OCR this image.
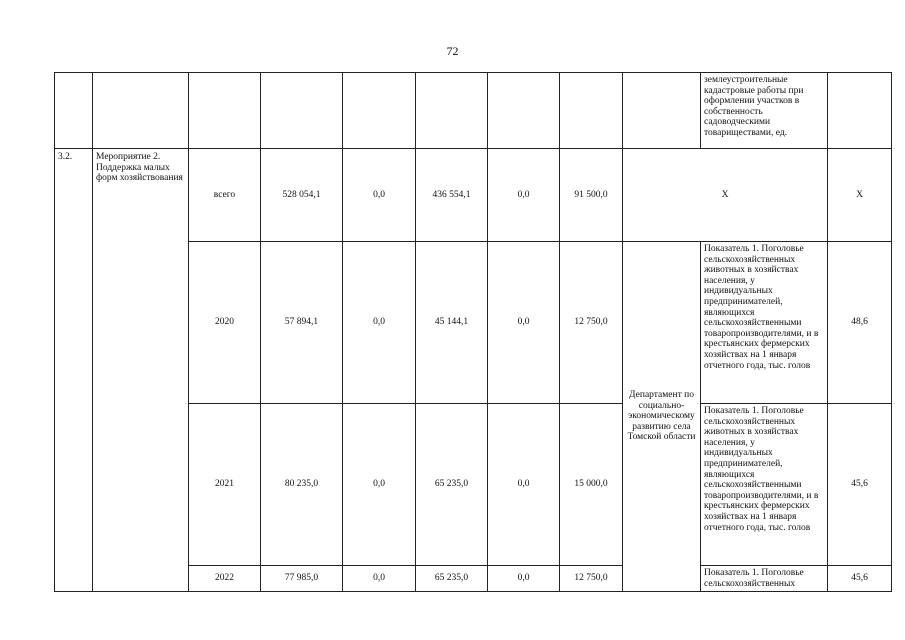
72
									землеустроительные кадастровые работы при оформлении участков в собственность садоводческими товариществами, ед.	
3.2.	Мероприятие 2. Поддержка малых форм хозяйствования	всего	528 054,1	0,0	436 554,1	0,0	91 500,0	Х		Х
		2020	57 894,1	0,0	45 144,1	0,0	12 750,0	Департамент по социально-экономическому развитию села Томской области	Показатель 1. Поголовье сельскохозяйственных животных в хозяйствах населения, у индивидуальных предпринимателей, являющихся сельскохозяйственными товаропроизводителями, и в крестьянских фермерских хозяйствах на 1 января отчетного года, тыс. голов	48,6
		2021	80 235,0	0,0	65 235,0	0,0	15 000,0		Показатель 1. Поголовье сельскохозяйственных животных в хозяйствах населения, у индивидуальных предпринимателей, являющихся сельскохозяйственными товаропроизводителями, и в крестьянских фермерских хозяйствах на 1 января отчетного года, тыс. голов	45,6
		2022	77 985,0	0,0	65 235,0	0,0	12 750,0		Показатель 1. Поголовье сельскохозяйственных	45,6
